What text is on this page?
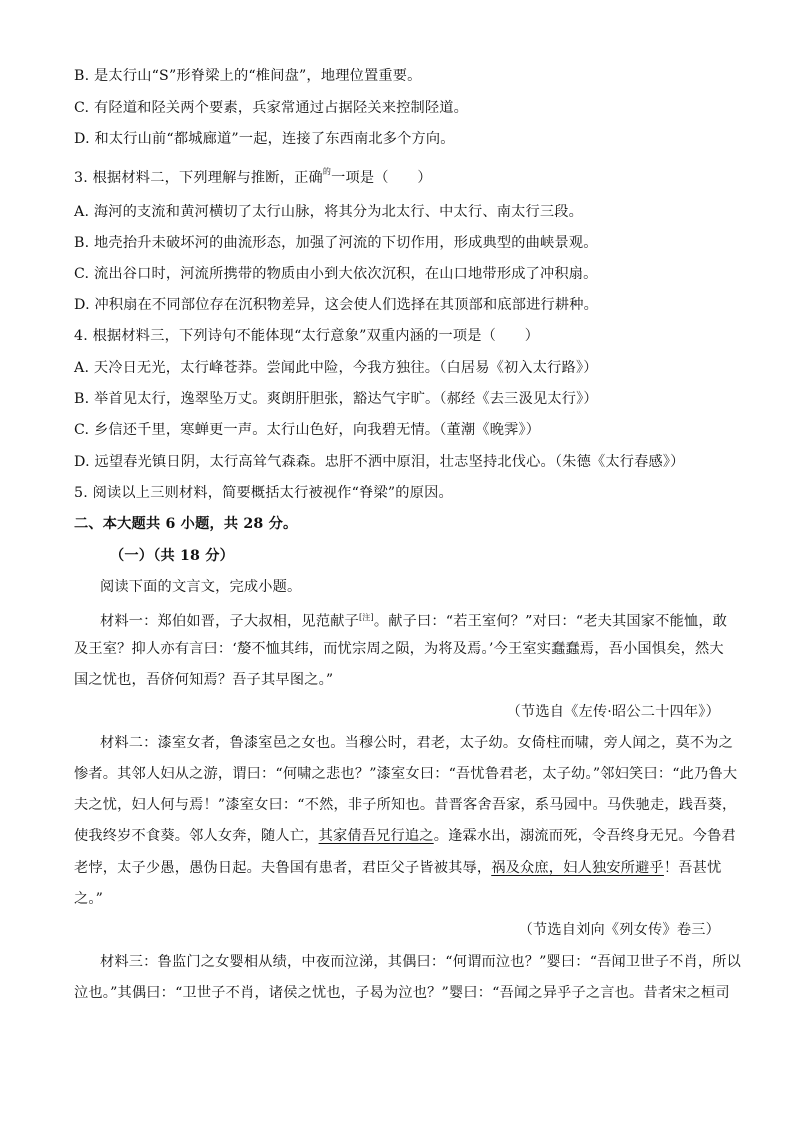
B. 是太行山“S”形脊梁上的“椎间盘”，地理位置重要。
C. 有陉道和陉关两个要素，兵家常通过占据陉关来控制陉道。
D. 和太行山前“都城廊道”一起，连接了东西南北多个方向。
3. 根据材料二，下列理解与推断，正确$^的$一项是（　　）
A. 海河的支流和黄河横切了太行山脉，将其分为北太行、中太行、南太行三段。
B. 地壳抬升未破坏河的曲流形态，加强了河流的下切作用，形成典型的曲峡景观。
C. 流出谷口时，河流所携带的物质由小到大依次沉积，在山口地带形成了冲积扇。
D. 冲积扇在不同部位存在沉积物差异，这会使人们选择在其顶部和底部进行耕种。
4. 根据材料三，下列诗句不能体现“太行意象”双重内涵的一项是（　　）
A. 天冷日无光，太行峰苍莽。尝闻此中险，今我方独往。（白居易《初入太行路》）
B. 举首见太行，逸翠坠万丈。爽朗肝胆张，豁达气宇旷。（郝经《去三汲见太行》）
C. 乡信还千里，寒蝉更一声。太行山色好，向我碧无情。（董潮《晚霁》）
D. 远望春光镇日阴，太行高耸气森森。忠肝不洒中原泪，壮志坚持北伐心。（朱德《太行春感》）
5. 阅读以上三则材料，简要概括太行被视作“脊梁”的原因。
二、本大题共 6 小题，共 28 分。
（一）（共 18 分）
阅读下面的文言文，完成小题。
材料一：郑伯如晋，子大叔相，见范献子[注]。献子曰：“若王室何？”对曰：“老夫其国家不能恤，敢
及王室？抑人亦有言曰：‘嫠不恤其纬，而忧宗周之陨，为将及焉。’今王室实蠢蠢焉，吾小国惧矣，然大
国之忧也，吾侪何知焉？吾子其早图之。”
（节选自《左传·昭公二十四年》）
材料二：漆室女者，鲁漆室邑之女也。当穆公时，君老，太子幼。女倚柱而啸，旁人闻之，莫不为之
惨者。其邻人妇从之游，谓曰：“何啸之悲也？”漆室女曰：“吾忧鲁君老，太子幼。”邻妇笑曰：“此乃鲁大
夫之忧，妇人何与焉！”漆室女曰：“不然，非子所知也。昔晋客舍吾家，系马园中。马佚驰走，践吾葵，
使我终岁不食葵。邻人女奔，随人亡，其家倩吾兄行追之。逢霖水出，溺流而死，令吾终身无兄。今鲁君
老悖，太子少愚，愚伪日起。夫鲁国有患者，君臣父子皆被其辱，祸及众庶，妇人独安所避乎！吾甚忧
之。”
（节选自刘向《列女传》卷三）
材料三：鲁监门之女婴相从绩，中夜而泣涕，其偶曰：“何谓而泣也？”婴曰：“吾闻卫世子不肖，所以
泣也。”其偶曰：“卫世子不肖，诸侯之忧也，子曷为泣也？”婴曰：“吾闻之异乎子之言也。昔者宋之桓司
